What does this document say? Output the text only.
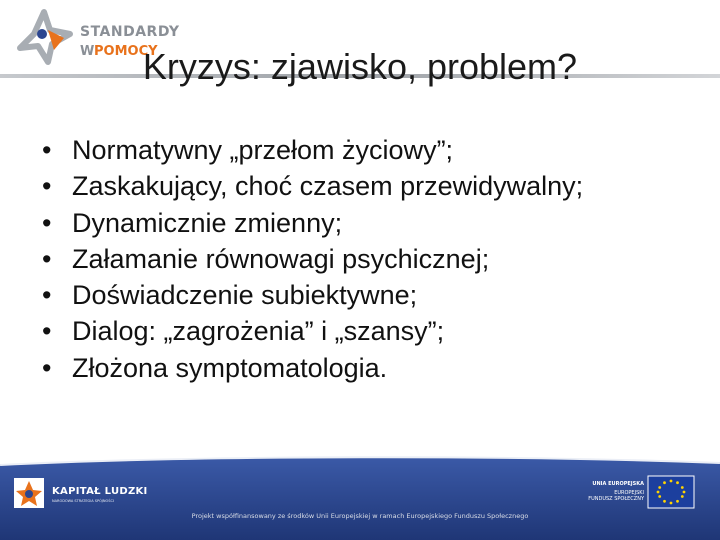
STANDARDY
W POMOCY
Kryzys: zjawisko, problem?
• Normatywny „przełom życiowy”;
• Zaskakujący, choć czasem przewidywalny;
• Dynamicznie zmienny;
• Załamanie równowagi psychicznej;
• Doświadczenie subiektywne;
• Dialog: „zagrożenia” i „szansy”;
• Złożona symptomatologia.
KAPITAŁ LUDZKI
NARODOWA STRATEGIA SPÓJNOŚCI
UNIA EUROPEJSKA
EUROPEJSKI
FUNDUSZ SPOŁECZNY
Projekt współfinansowany ze środków Unii Europejskiej w ramach Europejskiego Funduszu Społecznego
